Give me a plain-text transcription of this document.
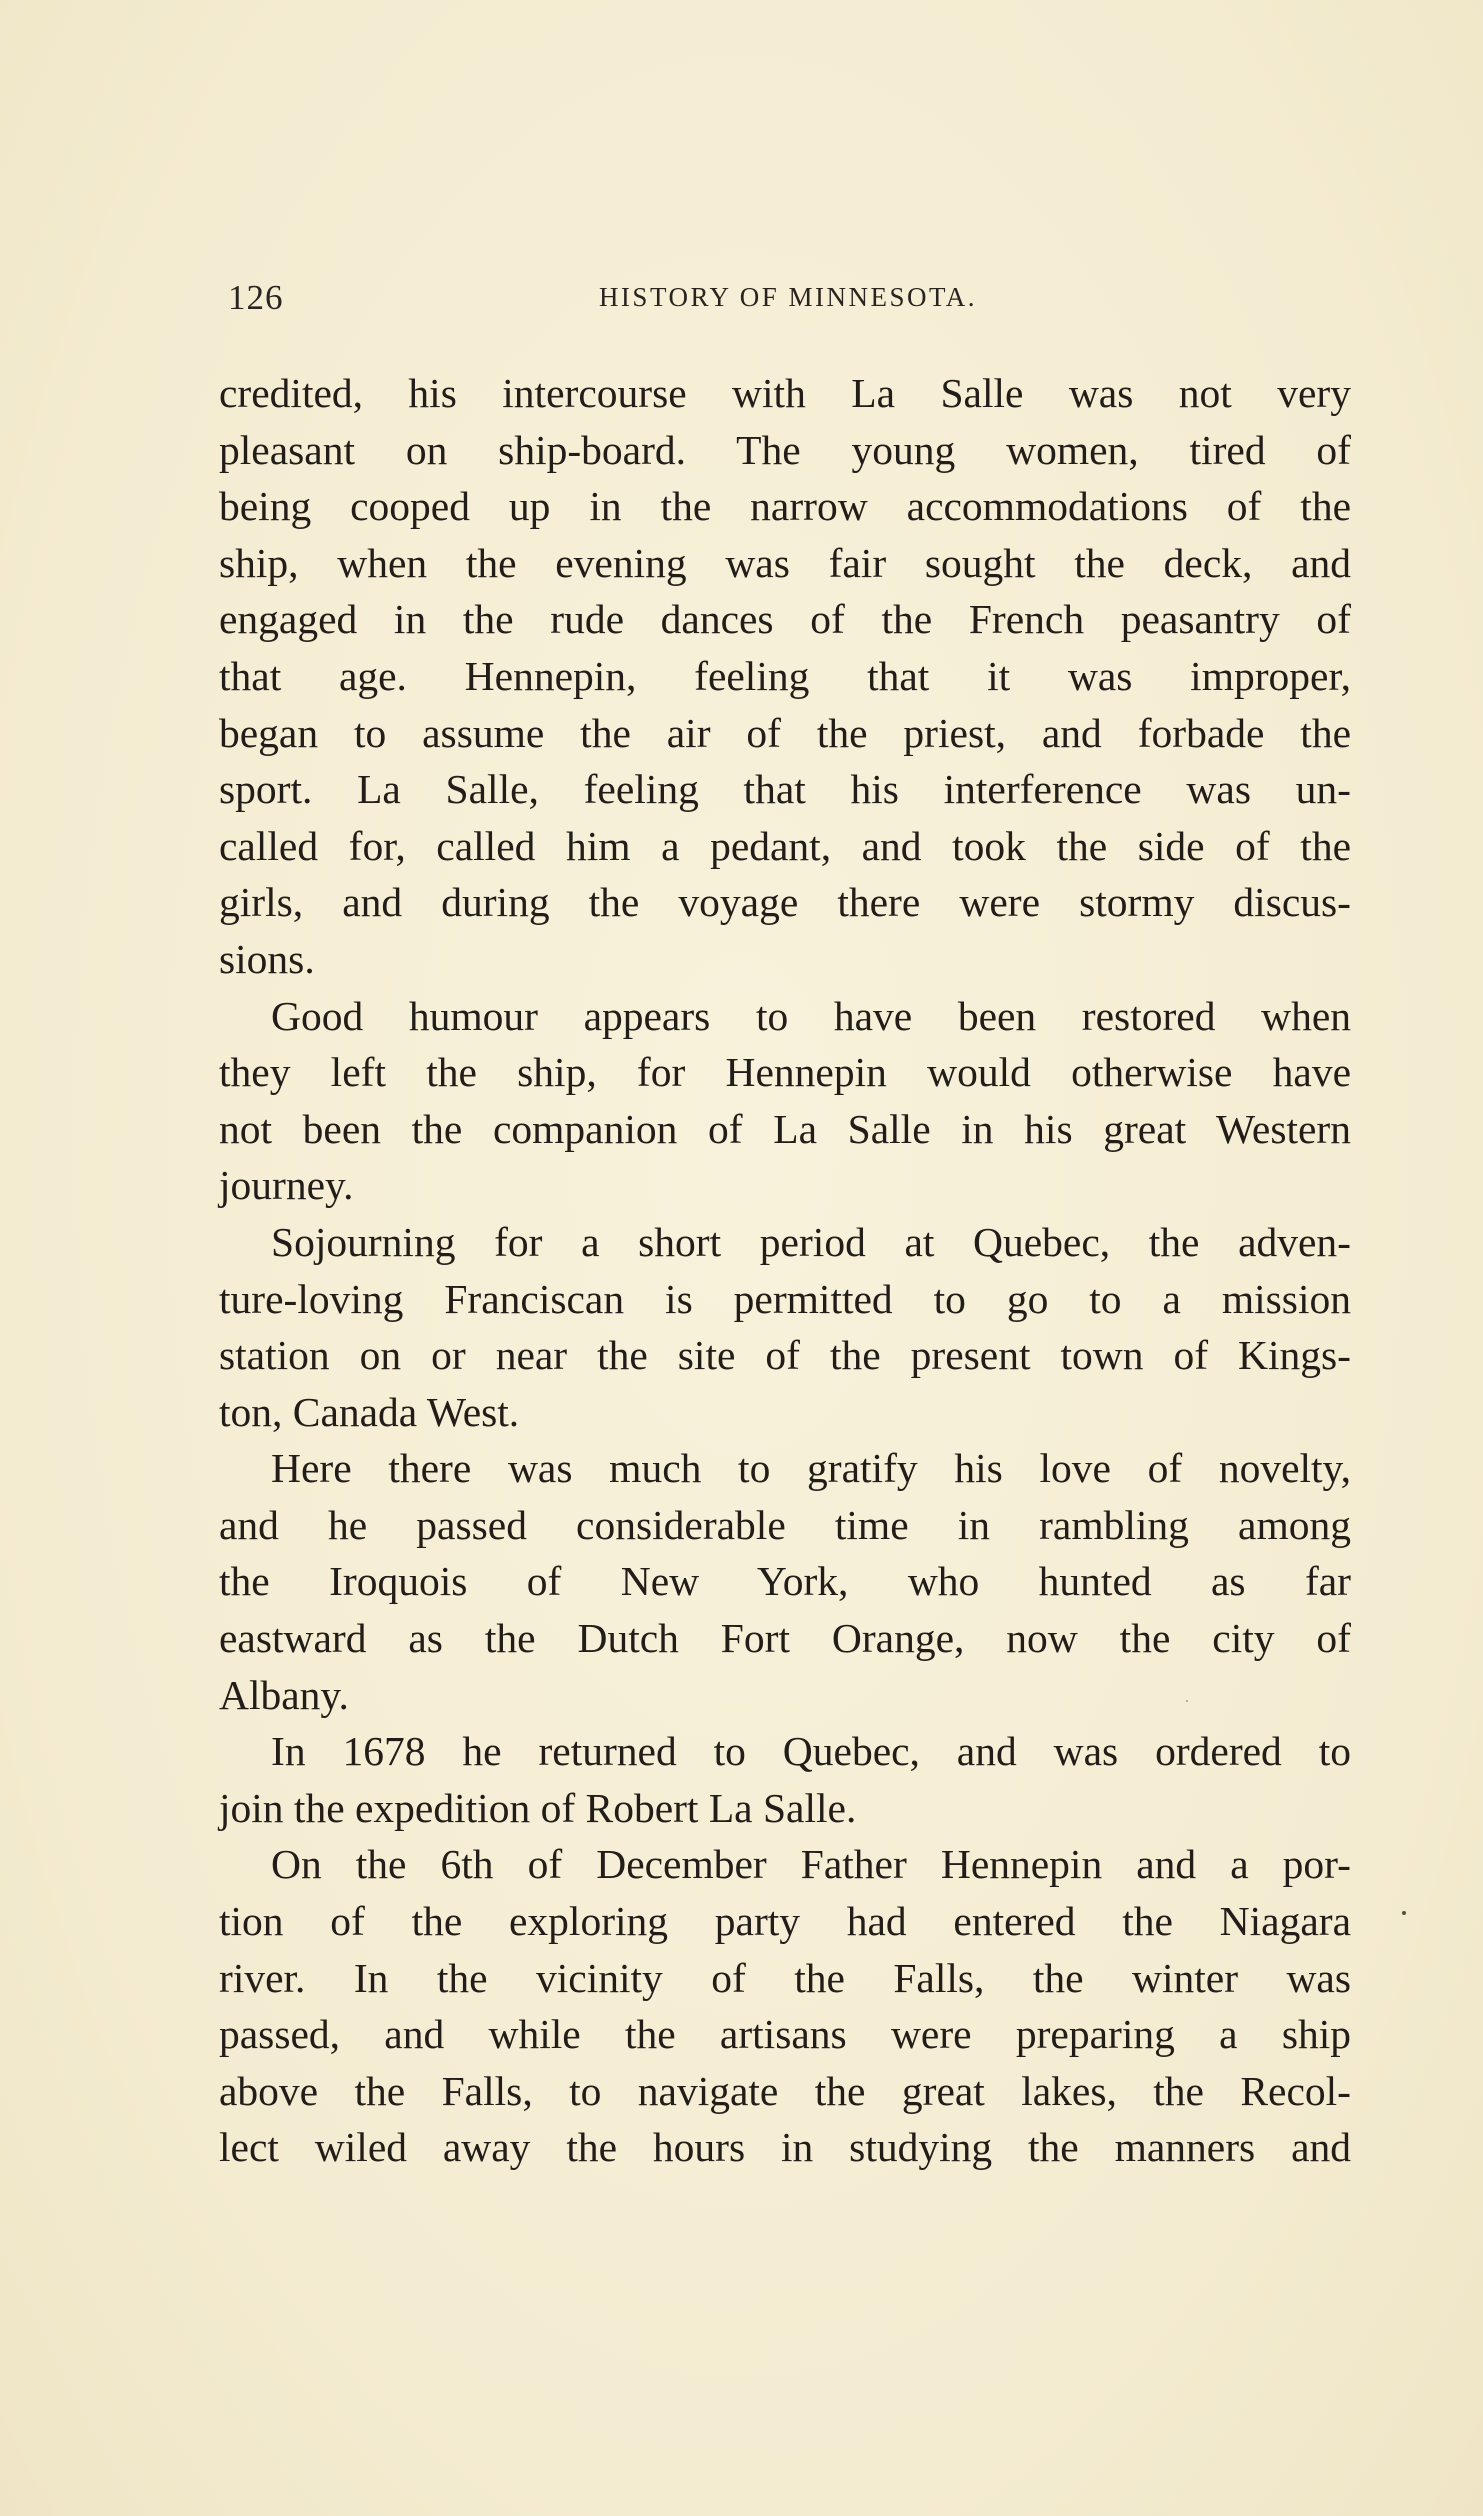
126	HISTORY OF MINNESOTA.
credited, his intercourse with La Salle was not very
pleasant on ship-board. The young women, tired of
being cooped up in the narrow accommodations of the
ship, when the evening was fair sought the deck, and
engaged in the rude dances of the French peasantry of
that age. Hennepin, feeling that it was improper,
began to assume the air of the priest, and forbade the
sport. La Salle, feeling that his interference was un-
called for, called him a pedant, and took the side of the
girls, and during the voyage there were stormy discus-
sions.
Good humour appears to have been restored when
they left the ship, for Hennepin would otherwise have
not been the companion of La Salle in his great Western
journey.
Sojourning for a short period at Quebec, the adven-
ture-loving Franciscan is permitted to go to a mission
station on or near the site of the present town of Kings-
ton, Canada West.
Here there was much to gratify his love of novelty,
and he passed considerable time in rambling among
the Iroquois of New York, who hunted as far
eastward as the Dutch Fort Orange, now the city of
Albany.
In 1678 he returned to Quebec, and was ordered to
join the expedition of Robert La Salle.
On the 6th of December Father Hennepin and a por-
tion of the exploring party had entered the Niagara
river. In the vicinity of the Falls, the winter was
passed, and while the artisans were preparing a ship
above the Falls, to navigate the great lakes, the Recol-
lect wiled away the hours in studying the manners and
